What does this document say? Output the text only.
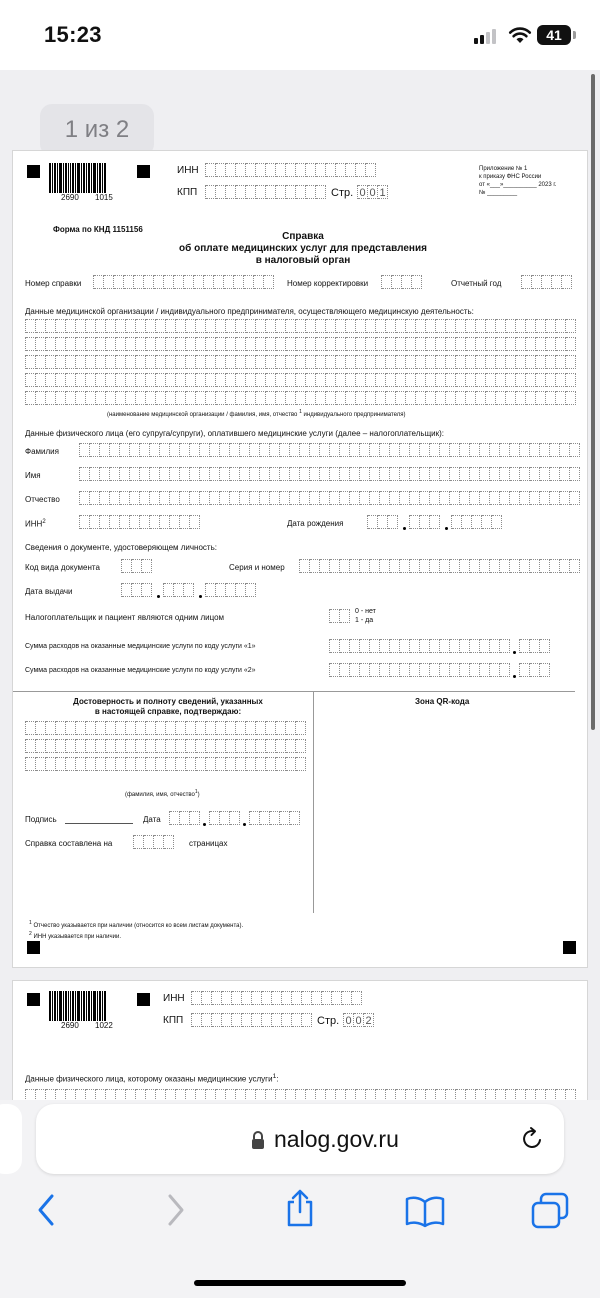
15:23	41
1 из 2
2690 1015
ИНН
КПП	Стр. 0 0 1
Приложение № 1
к приказу ФНС России
от «___»__________ 2023 г.
№ _________
Форма по КНД 1151156
Справка
об оплате медицинских услуг для представления
в налоговый орган
Номер справки	Номер корректировки	Отчетный год
Данные медицинской организации / индивидуального предпринимателя, осуществляющего медицинскую деятельность:
(наименование медицинской организации / фамилия, имя, отчество $^1$ индивидуального предпринимателя)
Данные физического лица (его супруга/супруги), оплатившего медицинские услуги (далее – налогоплательщик):
Фамилия
Имя
Отчество
ИНН$^2$	Дата рождения
Сведения о документе, удостоверяющем личность:
Код вида документа	Серия и номер
Дата выдачи
Налогоплательщик и пациент являются одним лицом
0 - нет
1 - да
Сумма расходов на оказанные медицинские услуги по коду услуги «1»
Сумма расходов на оказанные медицинские услуги по коду услуги «2»
Достоверность и полноту сведений, указанных
в настоящей справке, подтверждаю:
Зона QR-кода
(фамилия, имя, отчество$^1$)
Подпись	Дата
Справка составлена на	страницах
$^1$ Отчество указывается при наличии (относится ко всем листам документа).
$^2$ ИНН указывается при наличии.
2690 1022
ИНН
КПП	Стр. 0 0 2
Данные физического лица, которому оказаны медицинские услуги$^1$:
nalog.gov.ru
